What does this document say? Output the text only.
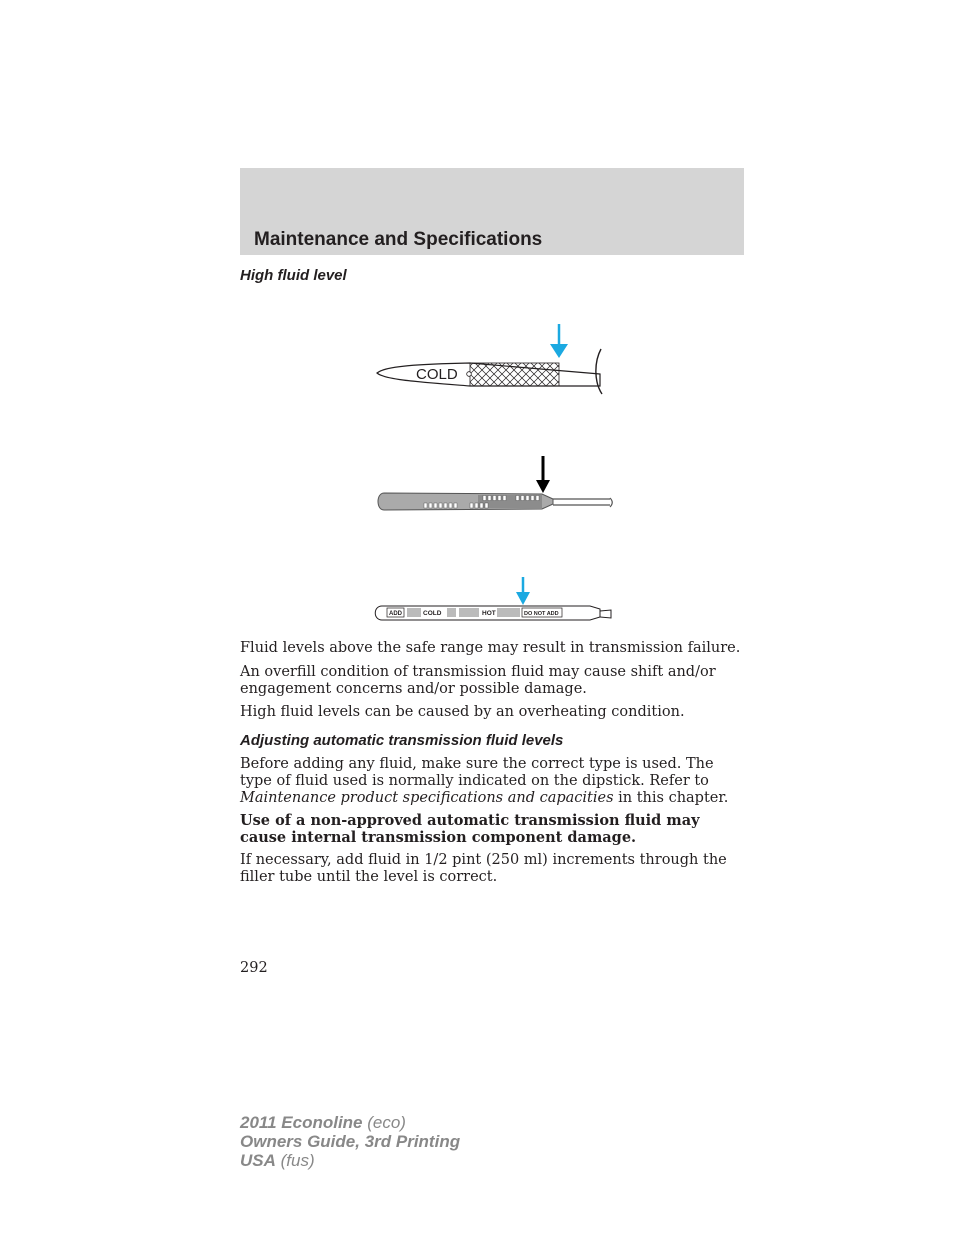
Maintenance and Specifications
High fluid level
COLD
ADD	COLD	HOT	DO NOT ADD
Fluid levels above the safe range may result in transmission failure.
An overfill condition of transmission fluid may cause shift and/or engagement concerns and/or possible damage.
High fluid levels can be caused by an overheating condition.
Adjusting automatic transmission fluid levels
Before adding any fluid, make sure the correct type is used. The type of fluid used is normally indicated on the dipstick. Refer to Maintenance product specifications and capacities in this chapter.
Use of a non-approved automatic transmission fluid may cause internal transmission component damage.
If necessary, add fluid in 1/2 pint (250 ml) increments through the filler tube until the level is correct.
292
2011 Econoline (eco)
Owners Guide, 3rd Printing
USA (fus)
